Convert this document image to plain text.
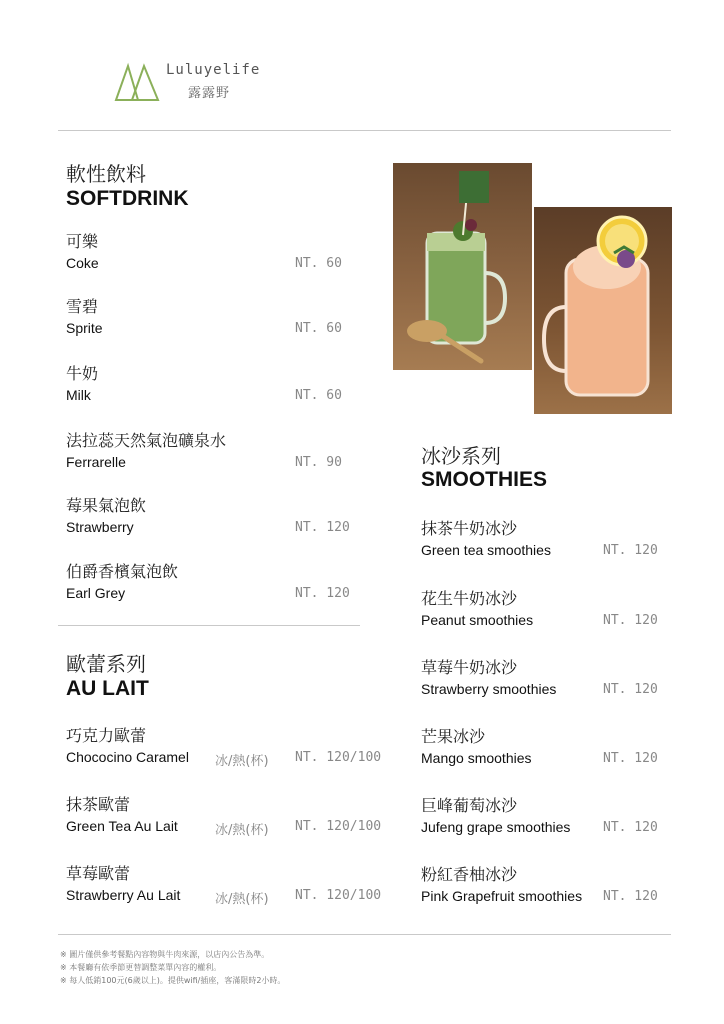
Luluyelife
露露野
軟性飲料
SOFTDRINK
可樂
Coke	NT. 60
雪碧
Sprite	NT. 60
牛奶
Milk	NT. 60
法拉蕊天然氣泡礦泉水
Ferrarelle	NT. 90
莓果氣泡飲
Strawberry	NT. 120
伯爵香檳氣泡飲
Earl Grey	NT. 120
歐蕾系列
AU LAIT
巧克力歐蕾
Chococino Caramel 冰/熱(杯) NT. 120/100
抹茶歐蕾
Green Tea Au Lait	冰/熱(杯) NT. 120/100
草莓歐蕾
Strawberry Au Lait	冰/熱(杯) NT. 120/100
冰沙系列
SMOOTHIES
抹茶牛奶冰沙
Green tea smoothies	NT. 120
花生牛奶冰沙
Peanut smoothies	NT. 120
草莓牛奶冰沙
Strawberry smoothies	NT. 120
芒果冰沙
Mango smoothies	NT. 120
巨峰葡萄冰沙
Jufeng grape smoothies	NT. 120
粉紅香柚冰沙
Pink Grapefruit smoothies NT. 120
※ 圖片僅供參考餐點內容物與牛肉來源，以店內公告為準。
※ 本餐廳有依季節更替調整菜單內容的權利。
※ 每人低銷100元(6歲以上)。提供wifi/插座，客滿限時2小時。
